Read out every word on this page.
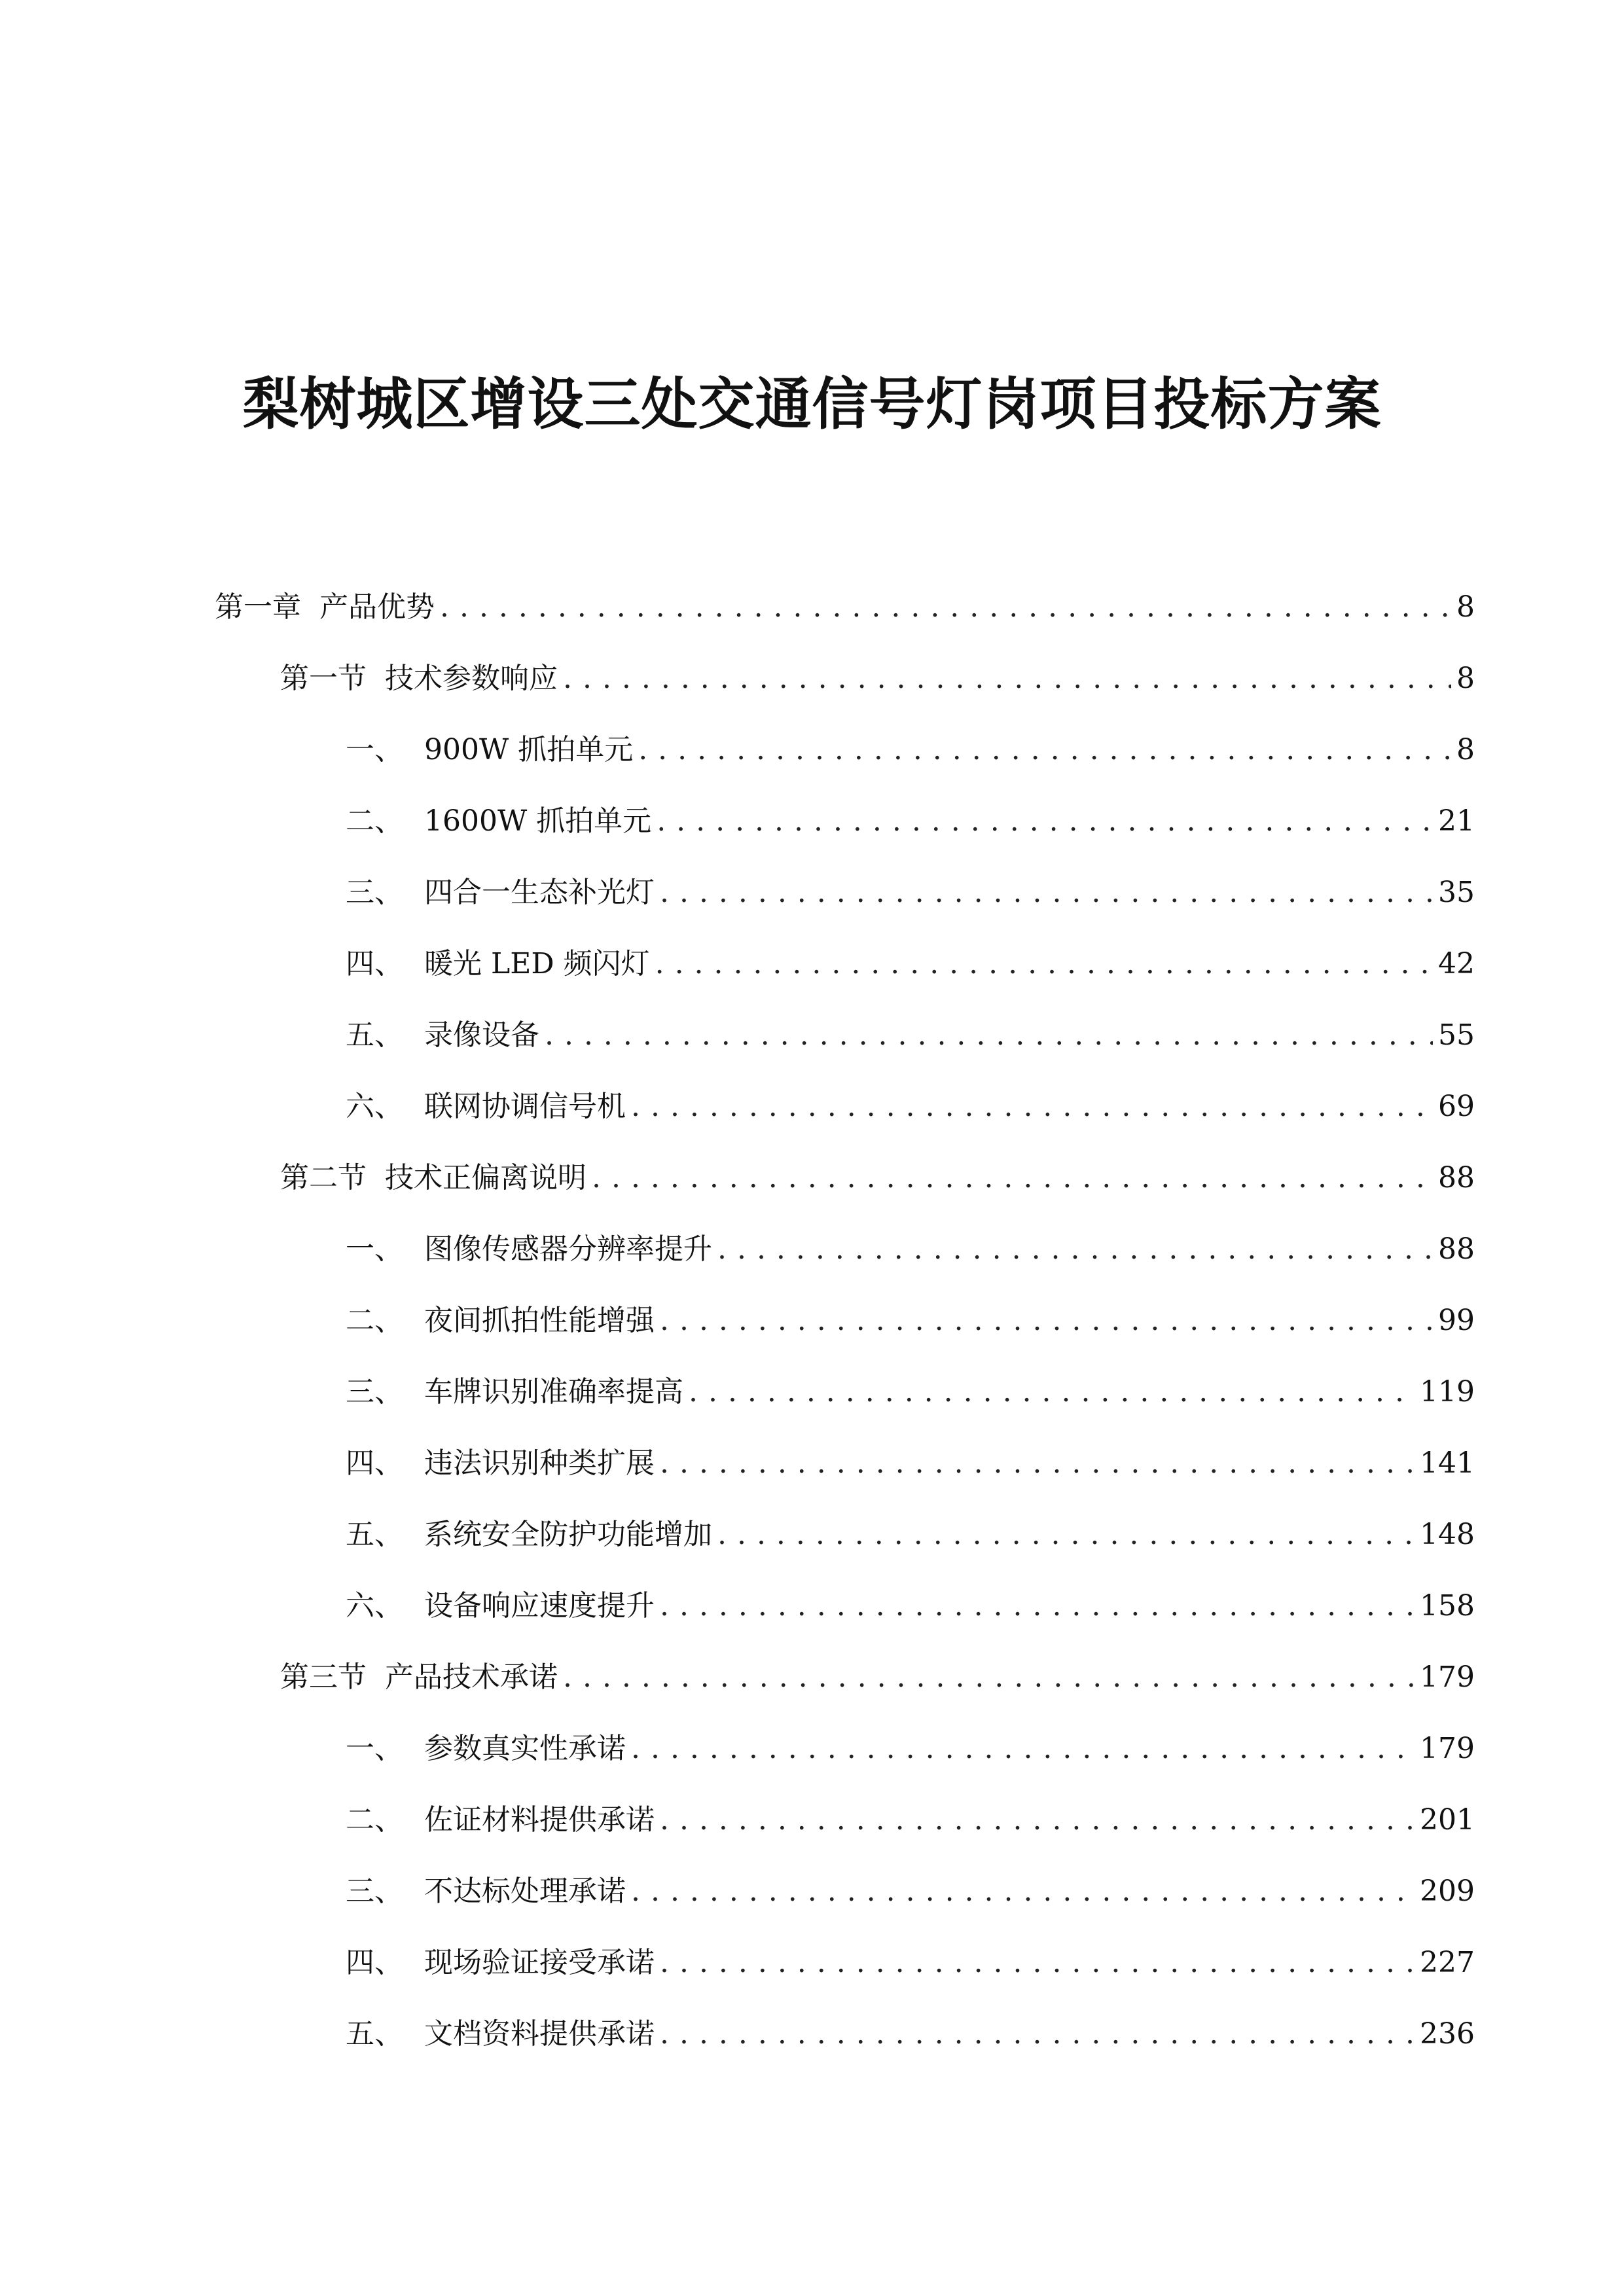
梨树城区增设三处交通信号灯岗项目投标方案
第一章 产品优势 . . .	8
第一节 技术参数响应 . . .	8
一、 900W 抓拍单元 . . .	8
二、 1600W 抓拍单元 . . .	21
三、 四合一生态补光灯 . . .	35
四、 暖光 LED 频闪灯 . . .	42
五、 录像设备 . . .	55
六、 联网协调信号机 . . .	69
第二节 技术正偏离说明 . . .	88
一、 图像传感器分辨率提升 . . .	88
二、 夜间抓拍性能增强 . . .	99
三、 车牌识别准确率提高 . . .	119
四、 违法识别种类扩展 . . .	141
五、 系统安全防护功能增加 . . .	148
六、 设备响应速度提升 . . .	158
第三节 产品技术承诺 . . .	179
一、 参数真实性承诺 . . .	179
二、 佐证材料提供承诺 . . .	201
三、 不达标处理承诺 . . .	209
四、 现场验证接受承诺 . . .	227
五、 文档资料提供承诺 . . .	236
